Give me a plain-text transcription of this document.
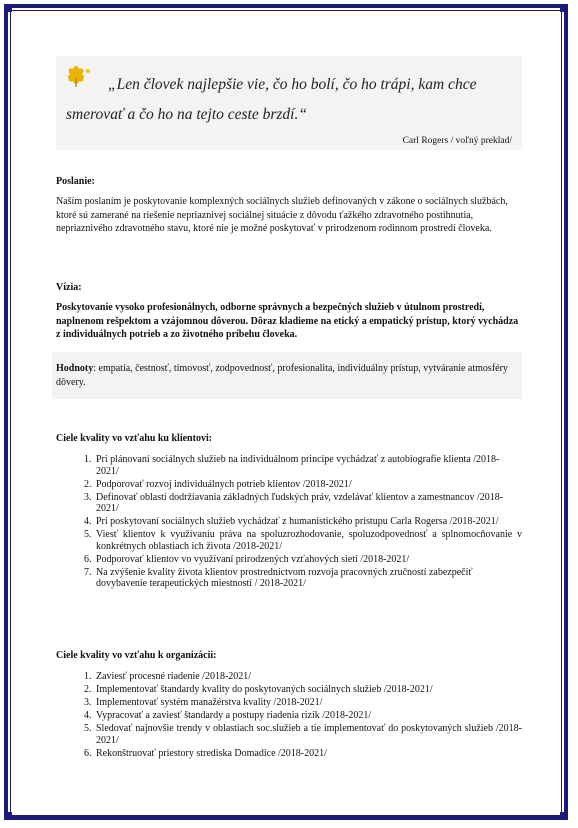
„Len človek najlepšie vie, čo ho bolí, čo ho trápi, kam chce
smerovať a čo ho na tejto ceste brzdí.“
Carl Rogers / voľný preklad/

Poslanie:

Naším poslaním je poskytovanie komplexných sociálnych služieb definovaných v zákone o sociálnych službách, ktoré sú zamerané na riešenie nepriaznivej sociálnej situácie z dôvodu ťažkého zdravotného postihnutia, nepriaznivého zdravotného stavu, ktoré nie je možné poskytovať v prirodzenom rodinnom prostredí človeka.

Vízia:

Poskytovanie vysoko profesionálnych, odborne správnych a bezpečných služieb v útulnom prostredí, naplnenom rešpektom a vzájomnou dôverou. Dôraz kladieme na etický a empatický prístup, ktorý vychádza z individuálnych potrieb a zo životného príbehu človeka.

Hodnoty: empatia, čestnosť, tímovosť, zodpovednosť, profesionalita, individuálny prístup, vytváranie atmosféry dôvery.

Ciele kvality vo vzťahu ku klientovi:

1. Pri plánovaní sociálnych služieb na individuálnom princípe vychádzať z autobiografie klienta /2018-2021/
2. Podporovať rozvoj individuálnych potrieb klientov /2018-2021/
3. Definovať oblasti dodržiavania základných ľudských práv, vzdelávať klientov a zamestnancov /2018-2021/
4. Pri poskytovaní sociálnych služieb vychádzať z humanistického prístupu Carla Rogersa /2018-2021/
5. Viesť klientov k využívaniu práva na spoluzrozhodovanie, spoluzodpovednosť a splnomocňovanie v konkrétnych oblastiach ich života /2018-2021/
6. Podporovať klientov vo využívaní prirodzených vzťahových sietí /2018-2021/
7. Na zvýšenie kvality života klientov prostredníctvom rozvoja pracovných zručností zabezpečiť dovybavenie terapeutických miestností / 2018-2021/

Ciele kvality vo vzťahu k organizácii:

1. Zaviesť procesné riadenie /2018-2021/
2. Implementovať štandardy kvality do poskytovaných sociálnych služieb /2018-2021/
3. Implementovať systém manažérstva kvality /2018-2021/
4. Vypracovať a zaviesť štandardy a postupy riadenia rizík /2018-2021/
5. Sledovať najnovšie trendy v oblastiach soc.služieb a tie implementovať do poskytovaných služieb /2018-2021/
6. Rekonštruovať priestory strediska Domadice /2018-2021/
